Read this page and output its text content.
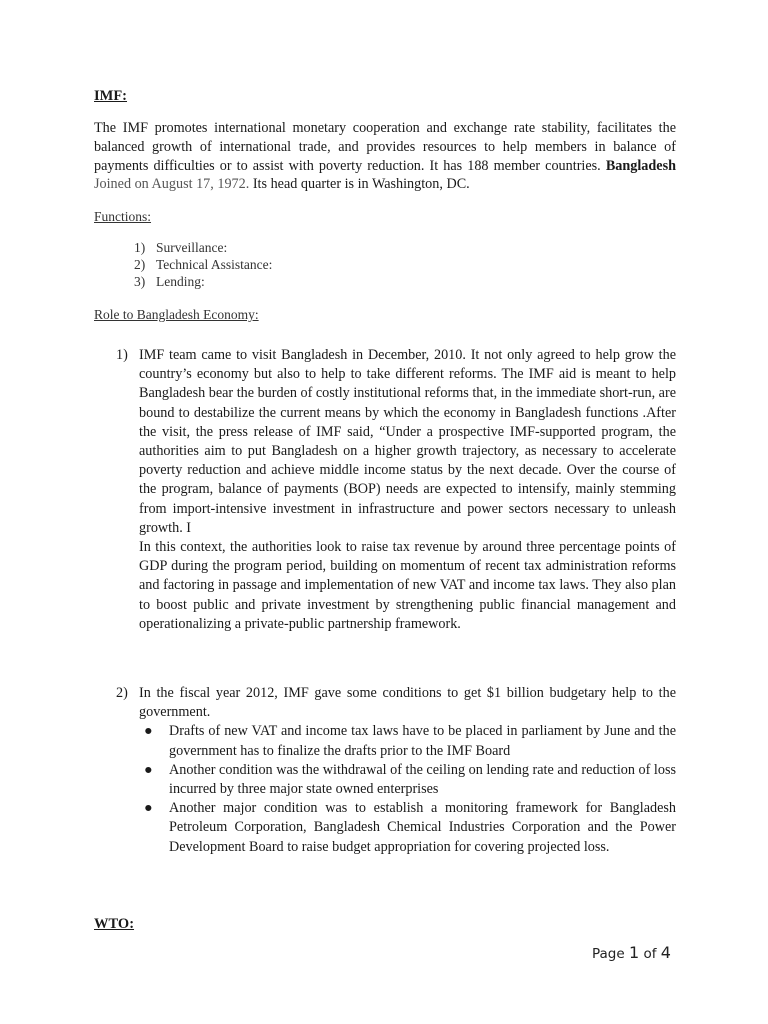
IMF:
The IMF promotes international monetary cooperation and exchange rate stability, facilitates the balanced growth of international trade, and provides resources to help members in balance of payments difficulties or to assist with poverty reduction. It has 188 member countries. Bangladesh Joined on August 17, 1972. Its head quarter is in Washington, DC.
Functions:
1) Surveillance:
2) Technical Assistance:
3) Lending:
Role to Bangladesh Economy:
1) IMF team came to visit Bangladesh in December, 2010. It not only agreed to help grow the country’s economy but also to help to take different reforms. The IMF aid is meant to help Bangladesh bear the burden of costly institutional reforms that, in the immediate short-run, are bound to destabilize the current means by which the economy in Bangladesh functions .After the visit, the press release of IMF said, “Under a prospective IMF-supported program, the authorities aim to put Bangladesh on a higher growth trajectory, as necessary to accelerate poverty reduction and achieve middle income status by the next decade. Over the course of the program, balance of payments (BOP) needs are expected to intensify, mainly stemming from import-intensive investment in infrastructure and power sectors necessary to unleash growth. I

In this context, the authorities look to raise tax revenue by around three percentage points of GDP during the program period, building on momentum of recent tax administration reforms and factoring in passage and implementation of new VAT and income tax laws. They also plan to boost public and private investment by strengthening public financial management and operationalizing a private-public partnership framework.

2) In the fiscal year 2012, IMF gave some conditions to get $1 billion budgetary help to the government.

● Drafts of new VAT and income tax laws have to be placed in parliament by June and the government has to finalize the drafts prior to the IMF Board
● Another condition was the withdrawal of the ceiling on lending rate and reduction of loss incurred by three major state owned enterprises
● Another major condition was to establish a monitoring framework for Bangladesh Petroleum Corporation, Bangladesh Chemical Industries Corporation and the Power Development Board to raise budget appropriation for covering projected loss.
WTO:
Page 1 of 4
